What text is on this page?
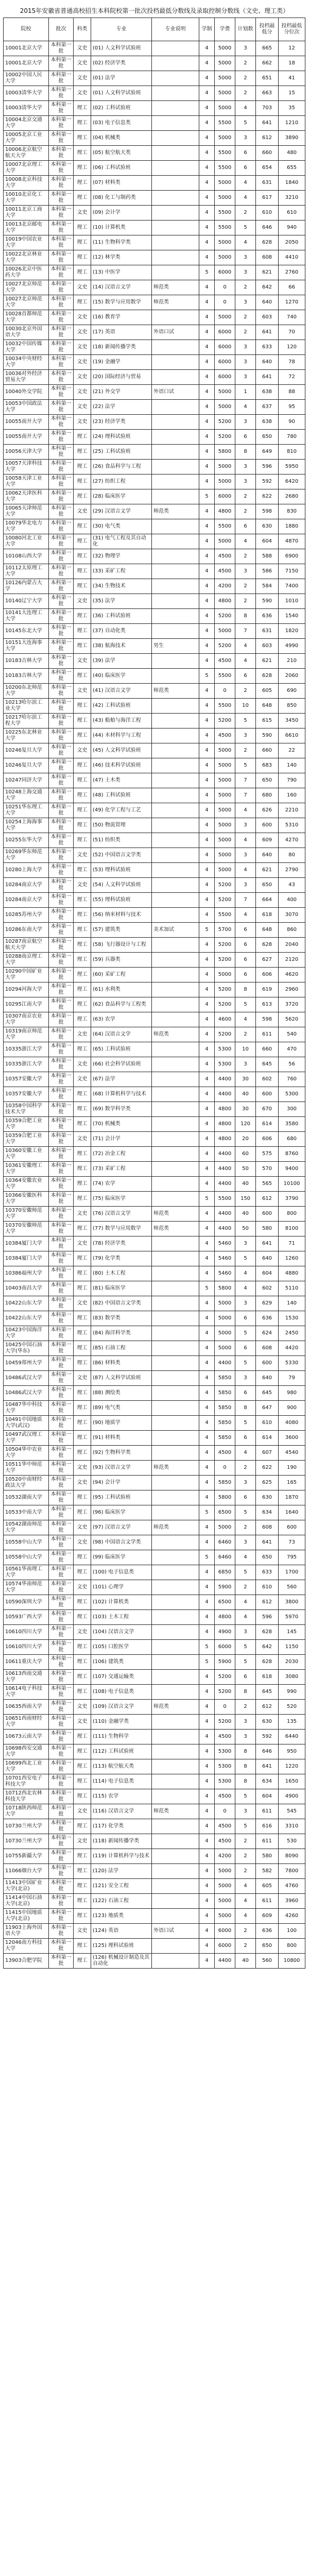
2015年安徽省普通高校招生本科院校第一批次投档最低分数线及录取控制分数线（文史、理工类）
院校	批次	科类	专业	专业说明	学制	学费	计划数	投档最低分	投档最低分位次
10001北京大学	本科第一批	文史	(01) 人文科学试验班		4	5000	3	665	12
10001北京大学	本科第一批	文史	(02) 经济学类		4	5000	2	662	18
10002中国人民大学	本科第一批	文史	(01) 法学		4	5000	2	651	41
10003清华大学	本科第一批	文史	(01) 人文科学试验班		4	5000	2	663	15
10003清华大学	本科第一批	理工	(02) 工科试验班		4	5000	4	703	35
10004北京交通大学	本科第一批	理工	(03) 电子信息类		4	5500	5	641	1210
10005北京工业大学	本科第一批	理工	(04) 机械类		4	5000	3	612	3890
10006北京航空航天大学	本科第一批	理工	(05) 航空航天类		4	5500	6	660	480
10007北京理工大学	本科第一批	理工	(06) 工科试验班		4	5500	6	654	655
10008北京科技大学	本科第一批	理工	(07) 材料类		4	5000	4	631	1840
10010北京化工大学	本科第一批	理工	(08) 化工与制药类		4	5000	4	617	3210
10011北京工商大学	本科第一批	文史	(09) 会计学		4	5500	2	610	610
10013北京邮电大学	本科第一批	理工	(10) 计算机类		4	5500	5	646	940
10019中国农业大学	本科第一批	理工	(11) 生物科学类		4	5000	4	628	2050
10022北京林业大学	本科第一批	理工	(12) 林学类		4	5000	3	608	4410
10026北京中医药大学	本科第一批	理工	(13) 中医学		5	6000	3	621	2760
10027北京师范大学	本科第一批	文史	(14) 汉语言文学	师范类	4	0	2	642	66
10027北京师范大学	本科第一批	理工	(15) 数学与应用数学	师范类	4	0	3	640	1270
10028首都师范大学	本科第一批	文史	(16) 教育学		4	5000	2	603	740
10030北京外国语大学	本科第一批	文史	(17) 英语	外语口试	4	6000	2	641	70
10032中国传媒大学	本科第一批	文史	(18) 新闻传播学类		4	6000	3	633	120
10034中央财经大学	本科第一批	文史	(19) 金融学		4	6000	3	640	78
10036对外经济贸易大学	本科第一批	文史	(20) 国际经济与贸易		4	6000	3	641	72
10040外交学院	本科第一批	文史	(21) 外交学	外语口试	4	5000	1	638	88
10053中国政法大学	本科第一批	文史	(22) 法学		4	5000	4	637	95
10055南开大学	本科第一批	文史	(23) 经济学类		4	5200	3	638	90
10055南开大学	本科第一批	理工	(24) 理科试验班		4	5200	6	650	780
10056天津大学	本科第一批	理工	(25) 工科试验班		4	5800	8	649	810
10057天津科技大学	本科第一批	理工	(26) 食品科学与工程		4	5000	3	596	5950
10058天津工业大学	本科第一批	理工	(27) 纺织工程		4	5000	3	592	6420
10062天津医科大学	本科第一批	理工	(28) 临床医学		5	6000	2	622	2680
10065天津师范大学	本科第一批	文史	(29) 汉语言文学	师范类	4	4800	2	598	830
10079华北电力大学	本科第一批	理工	(30) 电气类		4	5500	6	630	1880
10080河北工业大学	本科第一批	理工	(31) 电气工程及其自动化		4	5000	4	604	4870
10108山西大学	本科第一批	理工	(32) 物理学		4	4500	2	588	6900
10112太原理工大学	本科第一批	理工	(33) 采矿工程		4	4500	3	586	7150
10126内蒙古大学	本科第一批	理工	(34) 生物技术		4	4200	2	584	7400
10140辽宁大学	本科第一批	文史	(35) 法学		4	4800	2	590	1010
10141大连理工大学	本科第一批	理工	(36) 工科试验班		4	5200	8	636	1540
10145东北大学	本科第一批	理工	(37) 自动化类		4	5000	7	631	1820
10151大连海事大学	本科第一批	理工	(38) 航海技术	男生	4	5200	4	603	4990
10183吉林大学	本科第一批	文史	(39) 法学		4	4500	4	621	210
10183吉林大学	本科第一批	理工	(40) 临床医学		5	5500	6	628	2060
10200东北师范大学	本科第一批	文史	(41) 汉语言文学	师范类	4	0	2	605	690
10213哈尔滨工业大学	本科第一批	理工	(42) 工科试验班		4	5500	10	648	850
10217哈尔滨工程大学	本科第一批	理工	(43) 船舶与海洋工程		4	5200	5	615	3450
10225东北林业大学	本科第一批	理工	(44) 木材科学与工程		4	4500	3	590	6610
10246复旦大学	本科第一批	文史	(45) 人文科学试验班		4	5000	2	660	22
10246复旦大学	本科第一批	理工	(46) 技术科学试验班		4	5000	5	683	140
10247同济大学	本科第一批	理工	(47) 土木类		4	5000	7	650	790
10248上海交通大学	本科第一批	理工	(48) 工科试验班		4	5000	7	680	160
10251华东理工大学	本科第一批	理工	(49) 化学工程与工艺		4	5000	4	626	2210
10254上海海事大学	本科第一批	理工	(50) 物流管理		4	5000	3	600	5310
10255东华大学	本科第一批	理工	(51) 纺织类		4	5000	4	609	4270
10269华东师范大学	本科第一批	文史	(52) 中国语言文学类		4	5000	3	640	80
10280上海大学	本科第一批	理工	(53) 理科试验班		4	5000	4	621	2790
10284南京大学	本科第一批	文史	(54) 人文科学试验班		4	5200	3	650	43
10284南京大学	本科第一批	理工	(55) 理科试验班		4	5200	7	664	400
10285苏州大学	本科第一批	理工	(56) 纳米材料与技术		4	5500	4	618	3070
10286东南大学	本科第一批	理工	(57) 建筑类	美术加试	5	5700	6	648	860
10287南京航空航天大学	本科第一批	理工	(58) 飞行器设计与工程		4	5200	6	628	2040
10288南京理工大学	本科第一批	理工	(59) 兵器类		4	5200	6	627	2120
10290中国矿业大学	本科第一批	理工	(60) 采矿工程		4	5000	6	606	4620
10294河海大学	本科第一批	理工	(61) 水利类		4	5200	8	619	2960
10295江南大学	本科第一批	理工	(62) 食品科学与工程类		4	5200	5	613	3720
10307南京农业大学	本科第一批	理工	(63) 农学		4	4600	4	598	5620
10319南京师范大学	本科第一批	文史	(64) 汉语言文学	师范类	4	5200	2	611	540
10335浙江大学	本科第一批	理工	(65) 工科试验班		4	5300	10	660	470
10335浙江大学	本科第一批	文史	(66) 社会科学试验班		4	5300	3	645	56
10357安徽大学	本科第一批	文史	(67) 法学		4	4400	30	602	760
10357安徽大学	本科第一批	理工	(68) 计算机科学与技术		4	4400	40	600	5300
10358中国科学技术大学	本科第一批	理工	(69) 数学科学类		4	4800	30	670	300
10359合肥工业大学	本科第一批	理工	(70) 机械类		4	4800	120	614	3580
10359合肥工业大学	本科第一批	文史	(71) 会计学		4	4800	20	606	680
10360安徽工业大学	本科第一批	理工	(72) 冶金工程		4	4400	60	575	8760
10361安徽理工大学	本科第一批	理工	(73) 采矿工程		4	4400	50	570	9400
10364安徽农业大学	本科第一批	理工	(74) 农学		4	4400	40	565	10100
10366安徽医科大学	本科第一批	理工	(75) 临床医学		5	5500	150	612	3790
10370安徽师范大学	本科第一批	文史	(76) 汉语言文学	师范类	4	4400	40	600	800
10370安徽师范大学	本科第一批	理工	(77) 数学与应用数学	师范类	4	4400	50	580	8100
10384厦门大学	本科第一批	文史	(78) 经济学类		4	5460	3	641	71
10384厦门大学	本科第一批	理工	(79) 化学类		4	5460	5	640	1260
10386福州大学	本科第一批	理工	(80) 土木工程		4	5460	4	604	4880
10403南昌大学	本科第一批	理工	(81) 临床医学		5	5800	4	602	5110
10422山东大学	本科第一批	文史	(82) 中国语言文学类		4	5000	3	629	140
10422山东大学	本科第一批	理工	(83) 数学类		4	5000	6	636	1530
10423中国海洋大学	本科第一批	理工	(84) 海洋科学类		4	5000	5	624	2450
10425中国石油大学(华东)	本科第一批	理工	(85) 石油工程		4	5000	6	608	4420
10459郑州大学	本科第一批	理工	(86) 材料类		4	4400	5	600	5330
10486武汉大学	本科第一批	文史	(87) 人文科学试验班		4	5850	3	640	79
10486武汉大学	本科第一批	理工	(88) 测绘类		4	5850	6	645	980
10487华中科技大学	本科第一批	理工	(89) 电气类		4	5850	8	647	900
10491中国地质大学(武汉)	本科第一批	理工	(90) 地质学		4	5850	5	610	4080
10497武汉理工大学	本科第一批	理工	(91) 材料类		4	5850	6	614	3600
10504华中农业大学	本科第一批	理工	(92) 生物科学类		4	4500	4	607	4540
10511华中师范大学	本科第一批	文史	(93) 汉语言文学	师范类	4	0	2	622	190
10520中南财经政法大学	本科第一批	文史	(94) 会计学		4	5850	3	625	165
10532湖南大学	本科第一批	理工	(95) 工科试验班		4	5800	6	630	1870
10533中南大学	本科第一批	理工	(96) 临床医学		5	6500	5	634	1640
10542湖南师范大学	本科第一批	文史	(97) 汉语言文学	师范类	4	5000	2	608	600
10558中山大学	本科第一批	文史	(98) 中国语言文学类		4	6460	3	641	73
10558中山大学	本科第一批	理工	(99) 临床医学		5	6460	4	650	795
10561华南理工大学	本科第一批	理工	(100) 电子信息类		4	6850	5	633	1700
10574华南师范大学	本科第一批	文史	(101) 心理学		4	5900	2	610	560
10590深圳大学	本科第一批	理工	(102) 计算机类		4	6500	4	612	3800
10593广西大学	本科第一批	理工	(103) 土木工程		4	4800	4	596	5970
10610四川大学	本科第一批	文史	(104) 汉语言文学		4	4900	3	628	145
10610四川大学	本科第一批	理工	(105) 口腔医学		5	6000	5	642	1150
10611重庆大学	本科第一批	理工	(106) 建筑类		5	5900	5	628	2030
10613西南交通大学	本科第一批	理工	(107) 交通运输类		4	5200	6	618	3080
10614电子科技大学	本科第一批	理工	(108) 电子信息类		4	5200	8	645	990
10635西南大学	本科第一批	文史	(109) 汉语言文学	师范类	4	0	2	612	520
10651西南财经大学	本科第一批	文史	(110) 金融学类		4	5200	3	630	135
10673云南大学	本科第一批	理工	(111) 生物科学		4	4500	3	592	6440
10698西安交通大学	本科第一批	理工	(112) 工科试验班		4	5300	8	646	950
10699西北工业大学	本科第一批	理工	(113) 航空航天类		4	5300	8	641	1220
10701西安电子科技大学	本科第一批	理工	(114) 电子信息类		4	5300	8	634	1650
10712西北农林科技大学	本科第一批	理工	(115) 农学		4	4500	5	604	4900
10718陕西师范大学	本科第一批	文史	(116) 汉语言文学	师范类	4	0	3	611	545
10730兰州大学	本科第一批	理工	(117) 化学类		4	4500	5	616	3310
10730兰州大学	本科第一批	文史	(118) 新闻传播学类		4	4500	2	611	530
10755新疆大学	本科第一批	理工	(119) 计算机科学与技术		4	4200	2	580	8090
11066烟台大学	本科第一批	理工	(120) 法学		4	5000	2	582	7800
11413中国矿业大学(北京)	本科第一批	理工	(121) 安全工程		4	5000	4	605	4760
11414中国石油大学(北京)	本科第一批	理工	(122) 石油工程		4	5000	4	611	3960
11415中国地质大学(北京)	本科第一批	理工	(123) 地质类		4	5000	4	609	4260
11903上海外国语大学	本科第一批	文史	(124) 英语	外语口试	4	6000	2	636	100
12046南方科技大学	本科第一批	理工	(125) 理科试验班		4	6000	2	650	800
13903合肥学院	本科第一批	理工	(126) 机械设计制造及其自动化		4	4400	40	560	10800
